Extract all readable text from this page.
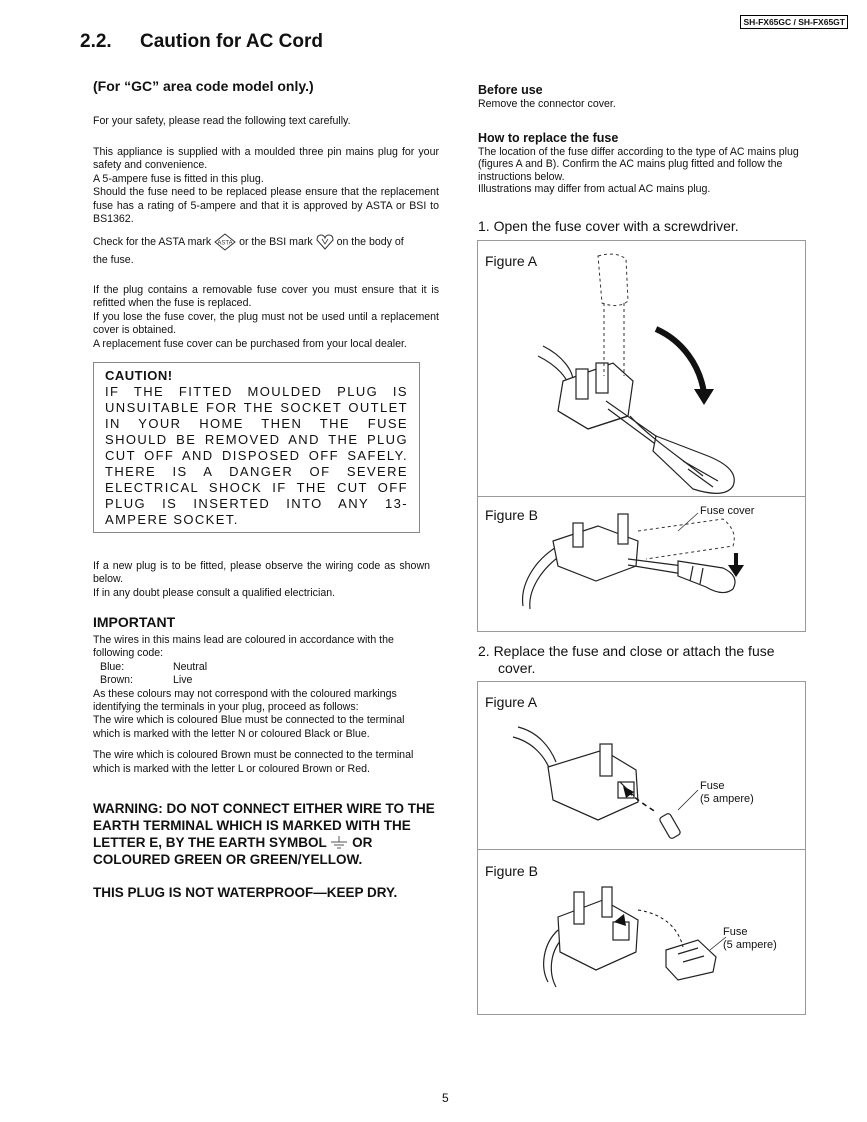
SH-FX65GC / SH-FX65GT
2.2. Caution for AC Cord
(For “GC” area code model only.)

For your safety, please read the following text carefully.

This appliance is supplied with a moulded three pin mains plug for your safety and convenience.

A 5-ampere fuse is fitted in this plug.

Should the fuse need to be replaced please ensure that the replacement fuse has a rating of 5-ampere and that it is approved by ASTA or BSI to BS1362.

Check for the ASTA mark ASTA or the BSI mark on the body of
the fuse.

If the plug contains a removable fuse cover you must ensure that it is refitted when the fuse is replaced.

If you lose the fuse cover, the plug must not be used until a replacement cover is obtained.

A replacement fuse cover can be purchased from your local dealer.

CAUTION!
IF THE FITTED MOULDED PLUG IS UNSUITABLE FOR THE SOCKET OUTLET IN YOUR HOME THEN THE FUSE SHOULD BE REMOVED AND THE PLUG CUT OFF AND DISPOSED OFF SAFELY. THERE IS A DANGER OF SEVERE ELECTRICAL SHOCK IF THE CUT OFF PLUG IS INSERTED INTO ANY 13-AMPERE SOCKET.

If a new plug is to be fitted, please observe the wiring code as shown below.

If in any doubt please consult a qualified electrician.

IMPORTANT

The wires in this mains lead are coloured in accordance with the following code:

Blue:	Neutral
Brown:	Live

As these colours may not correspond with the coloured markings identifying the terminals in your plug, proceed as follows:

The wire which is coloured Blue must be connected to the terminal which is marked with the letter N or coloured Black or Blue.

The wire which is coloured Brown must be connected to the terminal which is marked with the letter L or coloured Brown or Red.

WARNING: DO NOT CONNECT EITHER WIRE TO THE EARTH TERMINAL WHICH IS MARKED WITH THE LETTER E, BY THE EARTH SYMBOL OR COLOURED GREEN OR GREEN/YELLOW.
THIS PLUG IS NOT WATERPROOF—KEEP DRY.
Before use
Remove the connector cover.
How to replace the fuse
The location of the fuse differ according to the type of AC mains plug (figures A and B). Confirm the AC mains plug fitted and follow the instructions below.
Illustrations may differ from actual AC mains plug.
1. Open the fuse cover with a screwdriver.
Figure A
Figure B	Fuse cover
2. Replace the fuse and close or attach the fuse
cover.
Figure A
Figure B
Fuse
(5 ampere)
Fuse
(5 ampere)
5
